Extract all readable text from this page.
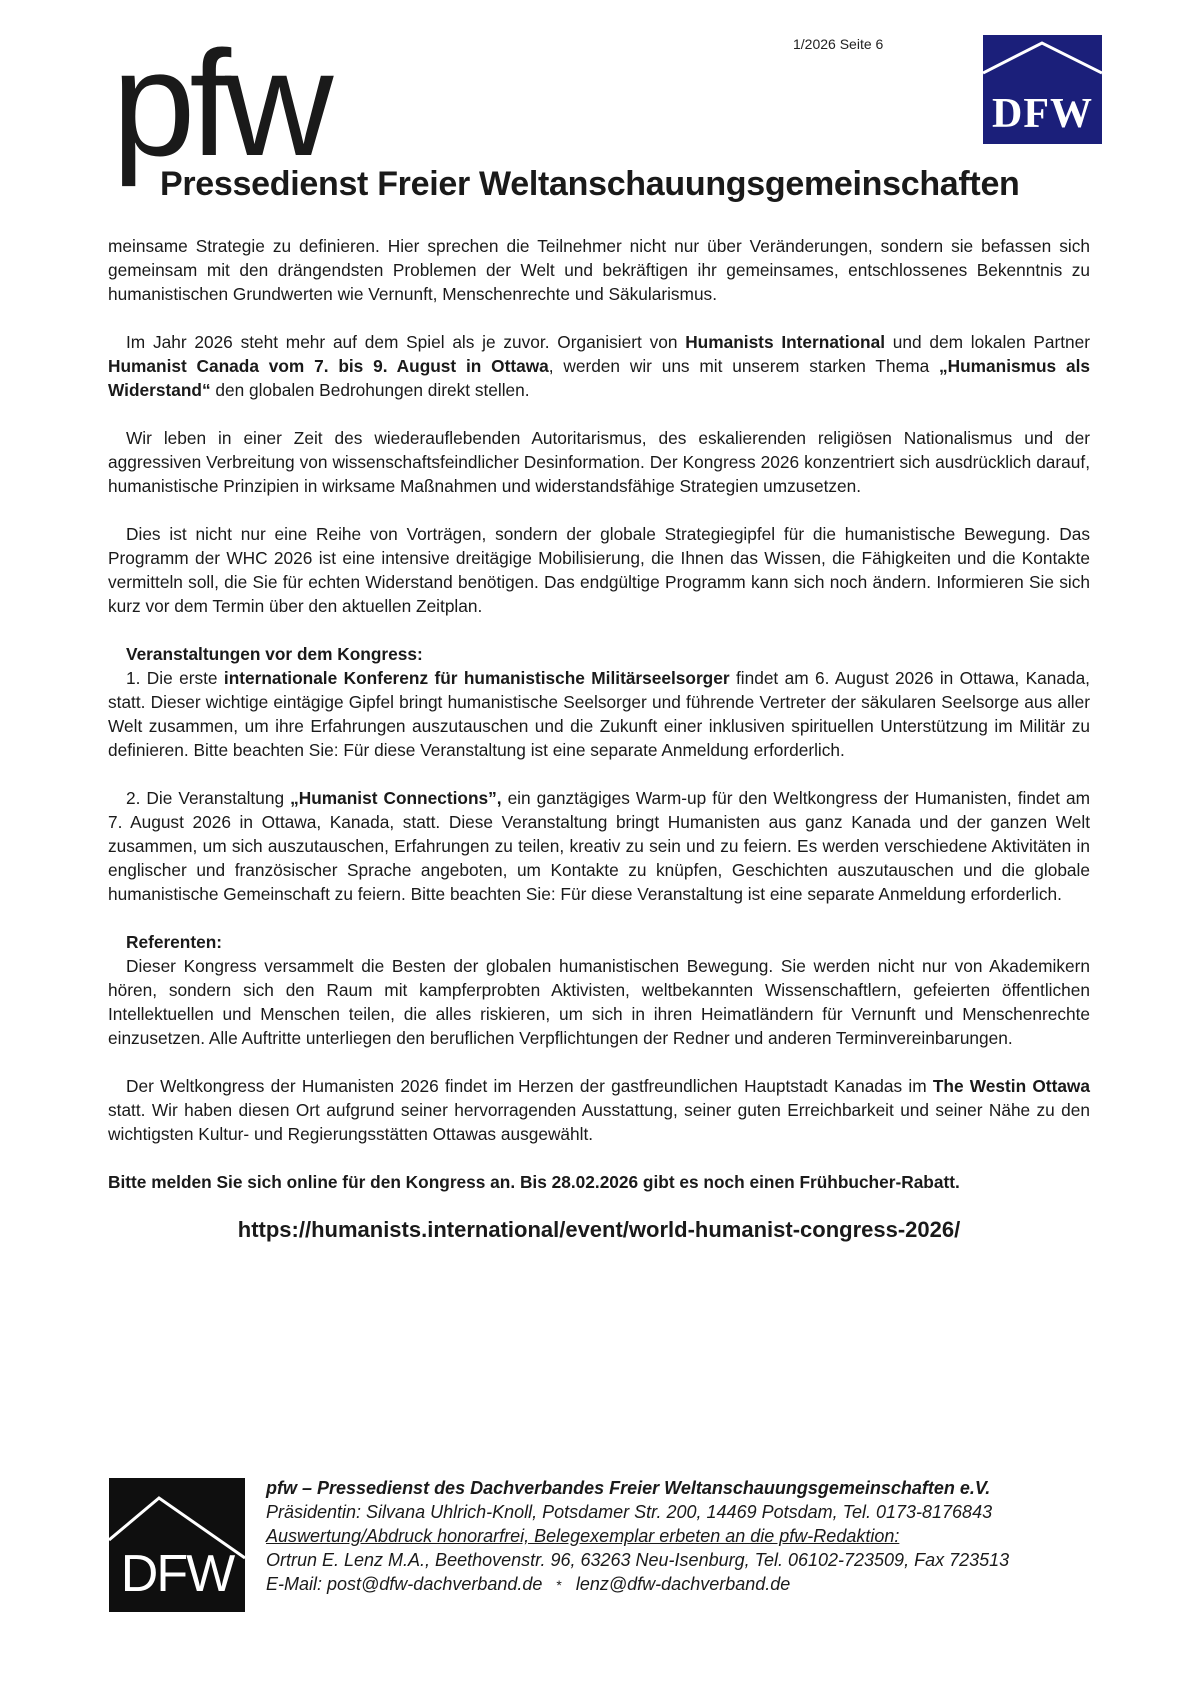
1/2026 Seite 6
pfw
Pressedienst Freier Weltanschauungsgemeinschaften
DFW

meinsame Strategie zu definieren. Hier sprechen die Teilnehmer nicht nur über Veränderungen, sondern sie befassen sich gemeinsam mit den drängendsten Problemen der Welt und bekräftigen ihr gemeinsames, entschlossenes Bekenntnis zu humanistischen Grundwerten wie Vernunft, Menschenrechte und Säkularismus.

Im Jahr 2026 steht mehr auf dem Spiel als je zuvor. Organisiert von Humanists International und dem lokalen Partner Humanist Canada vom 7. bis 9. August in Ottawa, werden wir uns mit unserem starken Thema „Humanismus als Widerstand“ den globalen Bedrohungen direkt stellen.

Wir leben in einer Zeit des wiederauflebenden Autoritarismus, des eskalierenden religiösen Nationalismus und der aggressiven Verbreitung von wissenschaftsfeindlicher Desinformation. Der Kongress 2026 konzentriert sich ausdrücklich darauf, humanistische Prinzipien in wirksame Maßnahmen und widerstandsfähige Strategien umzusetzen.

Dies ist nicht nur eine Reihe von Vorträgen, sondern der globale Strategiegipfel für die humanistische Bewegung. Das Programm der WHC 2026 ist eine intensive dreitägige Mobilisierung, die Ihnen das Wissen, die Fähigkeiten und die Kontakte vermitteln soll, die Sie für echten Widerstand benötigen. Das endgültige Programm kann sich noch ändern. Informieren Sie sich kurz vor dem Termin über den aktuellen Zeitplan.

Veranstaltungen vor dem Kongress:

1. Die erste internationale Konferenz für humanistische Militärseelsorger findet am 6. August 2026 in Ottawa, Kanada, statt. Dieser wichtige eintägige Gipfel bringt humanistische Seelsorger und führende Vertreter der säkularen Seelsorge aus aller Welt zusammen, um ihre Erfahrungen auszutauschen und die Zukunft einer inklusiven spirituellen Unterstützung im Militär zu definieren. Bitte beachten Sie: Für diese Veranstaltung ist eine separate Anmeldung erforderlich.

2. Die Veranstaltung „Humanist Connections”, ein ganztägiges Warm-up für den Weltkongress der Humanisten, findet am 7. August 2026 in Ottawa, Kanada, statt. Diese Veranstaltung bringt Humanisten aus ganz Kanada und der ganzen Welt zusammen, um sich auszutauschen, Erfahrungen zu teilen, kreativ zu sein und zu feiern. Es werden verschiedene Aktivitäten in englischer und französischer Sprache angeboten, um Kontakte zu knüpfen, Geschichten auszutauschen und die globale humanistische Gemeinschaft zu feiern. Bitte beachten Sie: Für diese Veranstaltung ist eine separate Anmeldung erforderlich.

Referenten:

Dieser Kongress versammelt die Besten der globalen humanistischen Bewegung. Sie werden nicht nur von Akademikern hören, sondern sich den Raum mit kampferprobten Aktivisten, weltbekannten Wissenschaftlern, gefeierten öffentlichen Intellektuellen und Menschen teilen, die alles riskieren, um sich in ihren Heimatländern für Vernunft und Menschenrechte einzusetzen. Alle Auftritte unterliegen den beruflichen Verpflichtungen der Redner und anderen Terminvereinbarungen.

Der Weltkongress der Humanisten 2026 findet im Herzen der gastfreundlichen Hauptstadt Kanadas im The Westin Ottawa statt. Wir haben diesen Ort aufgrund seiner hervorragenden Ausstattung, seiner guten Erreichbarkeit und seiner Nähe zu den wichtigsten Kultur- und Regierungsstätten Ottawas ausgewählt.

Bitte melden Sie sich online für den Kongress an. Bis 28.02.2026 gibt es noch einen Frühbucher-Rabatt.

https://humanists.international/event/world-humanist-congress-2026/
DFW
pfw – Pressedienst des Dachverbandes Freier Weltanschauungsgemeinschaften e.V.
Präsidentin: Silvana Uhlrich-Knoll, Potsdamer Str. 200, 14469 Potsdam, Tel. 0173-8176843
Auswertung/Abdruck honorarfrei, Belegexemplar erbeten an die pfw-Redaktion:
Ortrun E. Lenz M.A., Beethovenstr. 96, 63263 Neu-Isenburg, Tel. 06102-723509, Fax 723513
E-Mail: post@dfw-dachverband.de * lenz@dfw-dachverband.de
